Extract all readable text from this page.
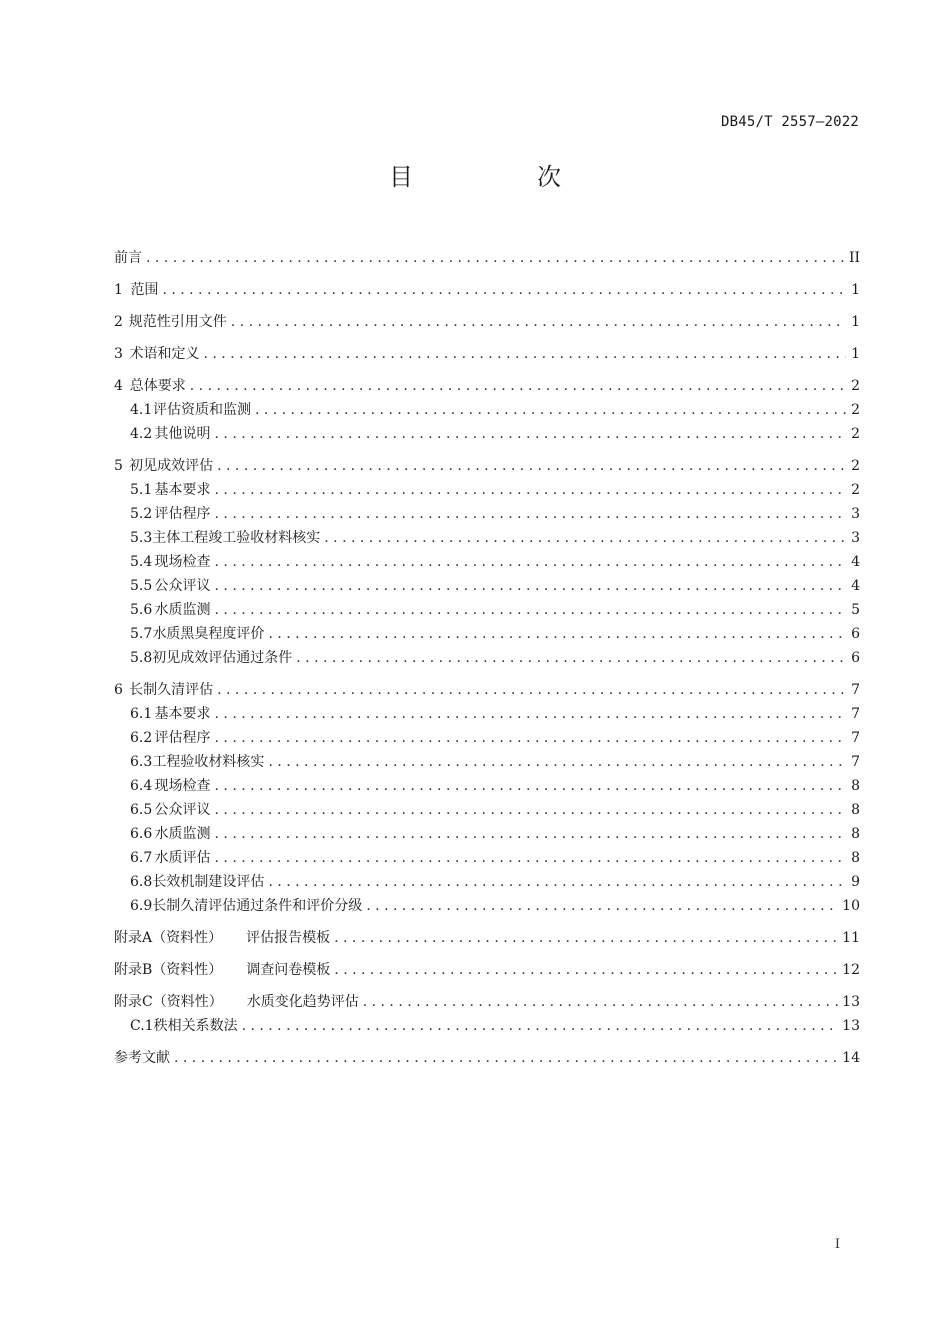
DB45/T 2557—2022
目　次
前言 . . .	II
1 范围 . . .	1
2 规范性引用文件 . . .	1
3 术语和定义 . . .	1
4 总体要求 . . .	2
4.1 评估资质和监测 . . .	2
4.2 其他说明 . . .	2
5 初见成效评估 . . .	2
5.1 基本要求 . . .	2
5.2 评估程序 . . .	3
5.3 主体工程竣工验收材料核实 . . .	3
5.4 现场检查 . . .	4
5.5 公众评议 . . .	4
5.6 水质监测 . . .	5
5.7 水质黑臭程度评价 . . .	6
5.8 初见成效评估通过条件 . . .	6
6 长制久清评估 . . .	7
6.1 基本要求 . . .	7
6.2 评估程序 . . .	7
6.3 工程验收材料核实 . . .	7
6.4 现场检查 . . .	8
6.5 公众评议 . . .	8
6.6 水质监测 . . .	8
6.7 水质评估 . . .	8
6.8 长效机制建设评估 . . .	9
6.9 长制久清评估通过条件和评价分级 . . .	10
附录A（资料性） 评估报告模板 . . .	11
附录B（资料性） 调查问卷模板 . . .	12
附录C（资料性） 水质变化趋势评估 . . .	13
C.1 秩相关系数法 . . .	13
参考文献 . . .	14
I
